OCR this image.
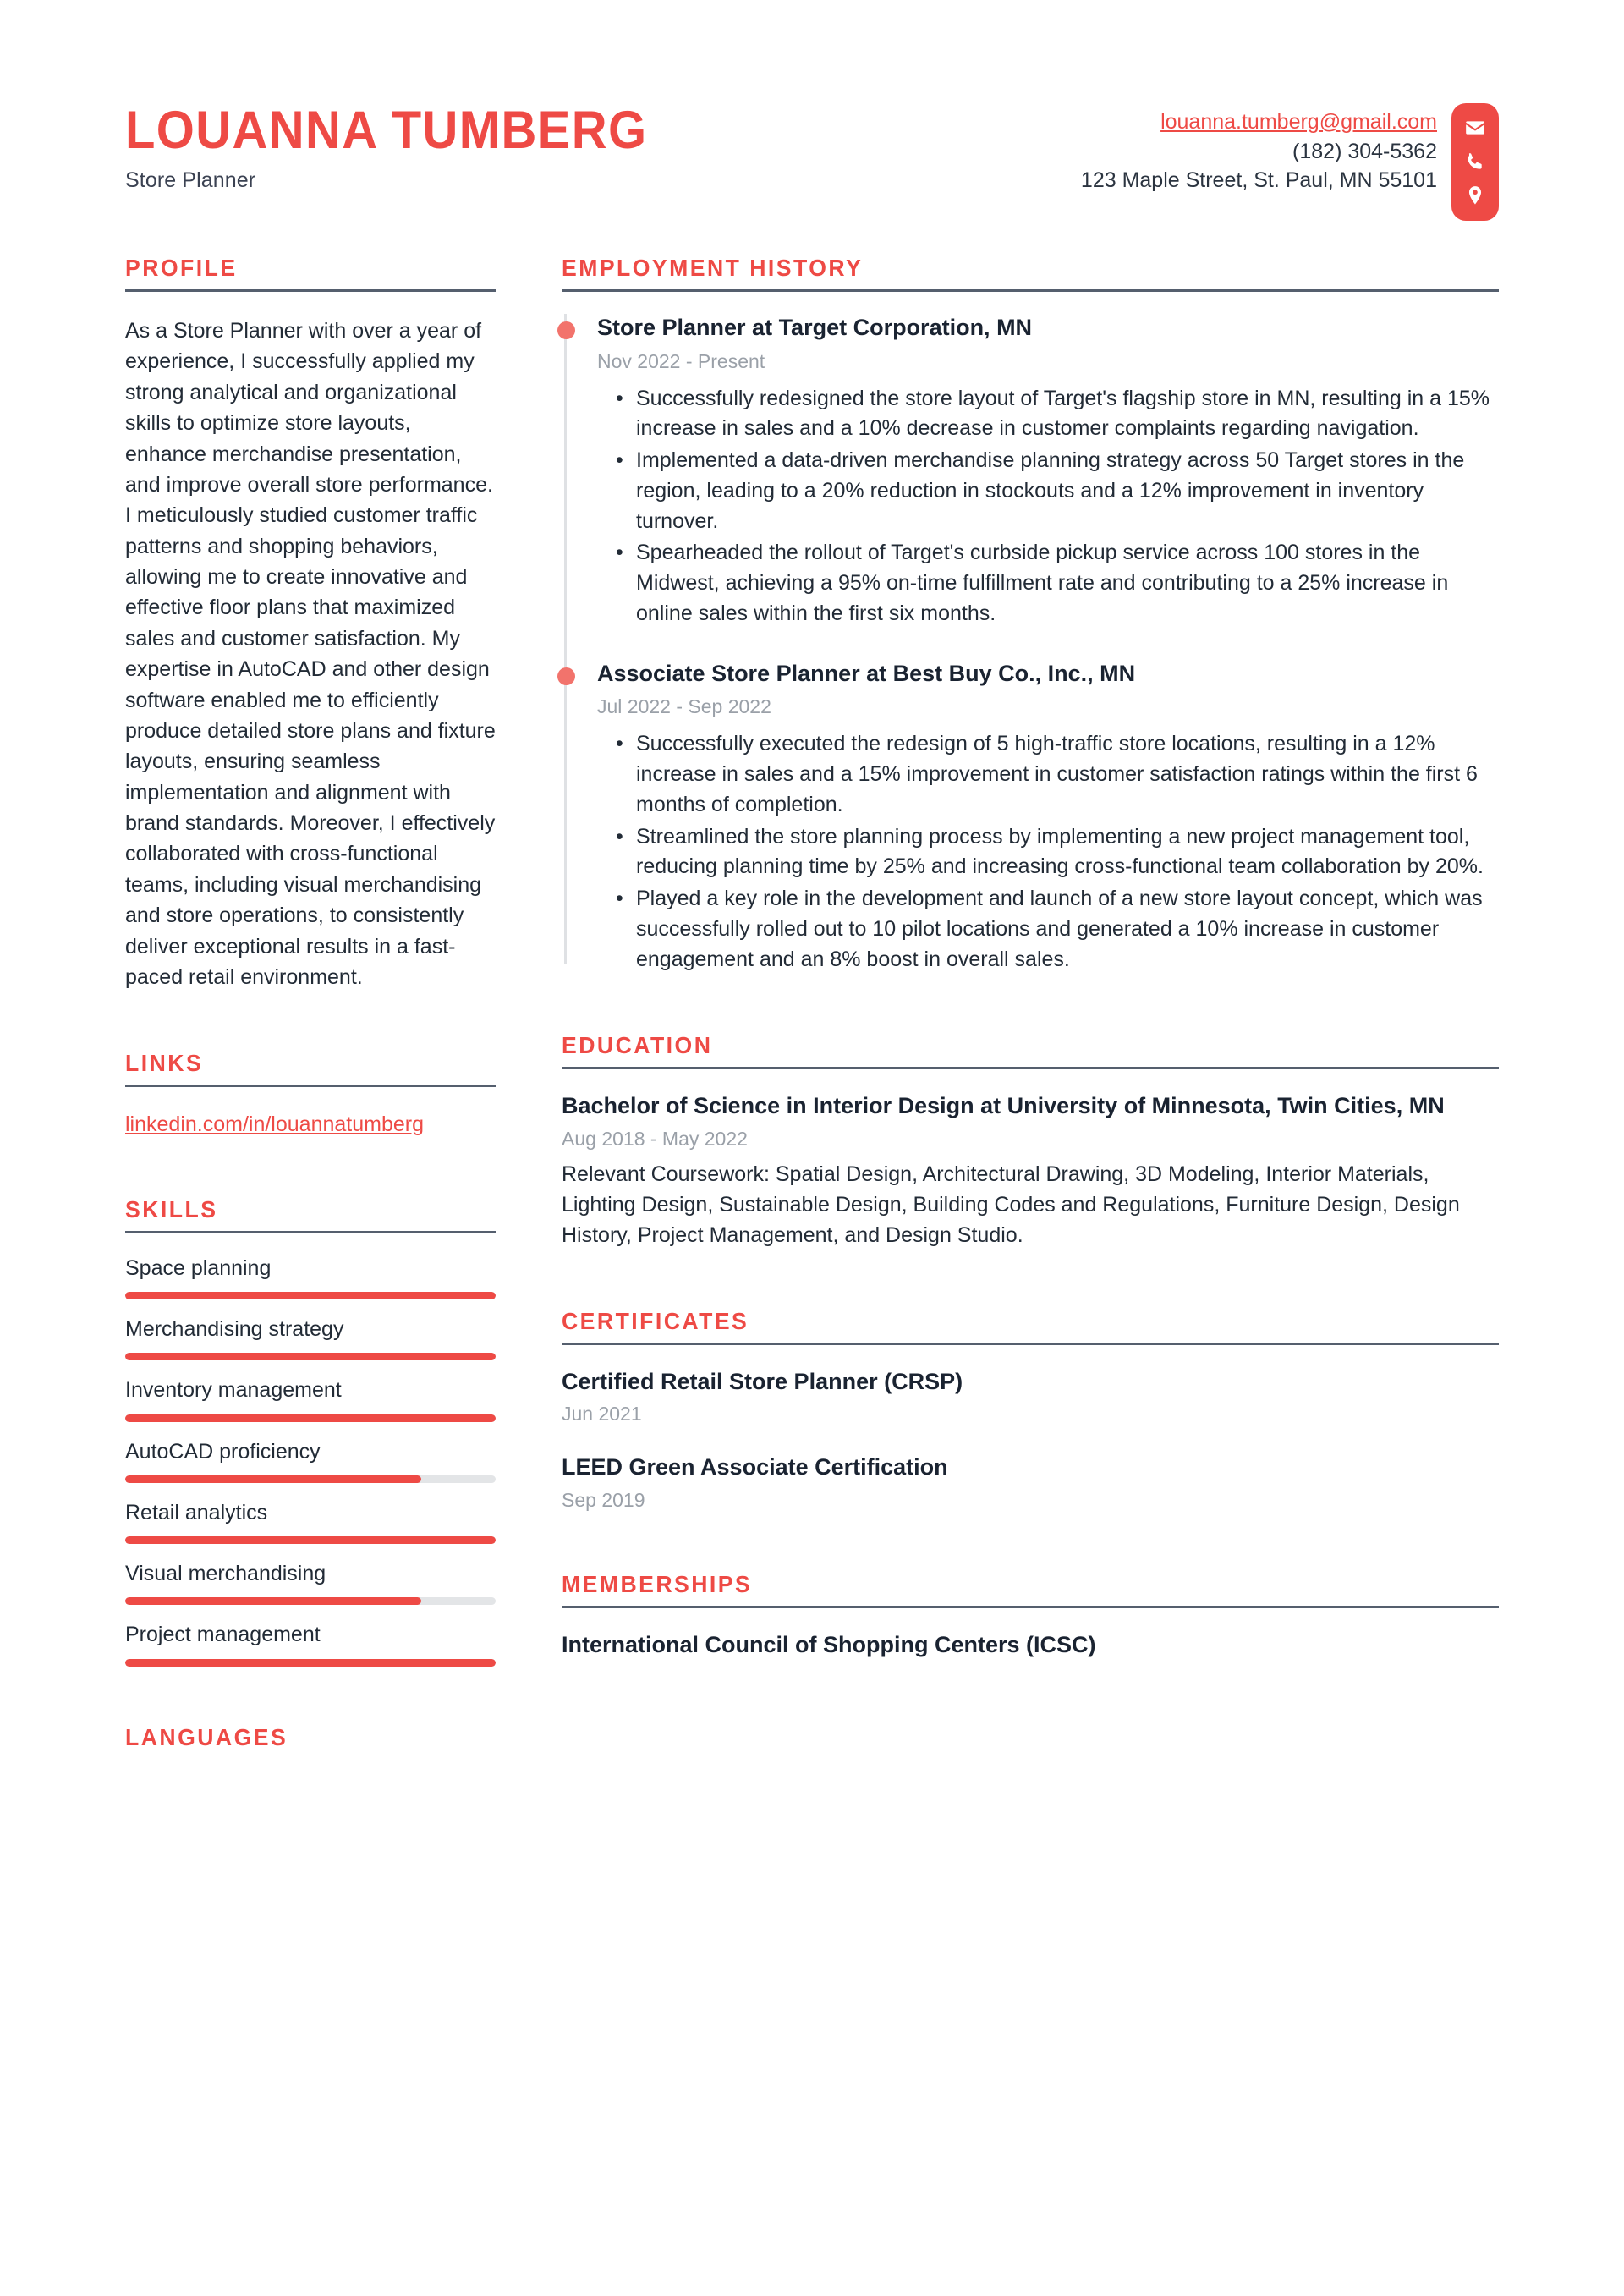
LOUANNA TUMBERG
Store Planner
louanna.tumberg@gmail.com
(182) 304-5362
123 Maple Street, St. Paul, MN 55101
PROFILE

As a Store Planner with over a year of experience, I successfully applied my strong analytical and organizational skills to optimize store layouts, enhance merchandise presentation, and improve overall store performance. I meticulously studied customer traffic patterns and shopping behaviors, allowing me to create innovative and effective floor plans that maximized sales and customer satisfaction. My expertise in AutoCAD and other design software enabled me to efficiently produce detailed store plans and fixture layouts, ensuring seamless implementation and alignment with brand standards. Moreover, I effectively collaborated with cross-functional teams, including visual merchandising and store operations, to consistently deliver exceptional results in a fast-paced retail environment.

LINKS
linkedin.com/in/louannatumberg
SKILLS
Space planning
Merchandising strategy
Inventory management
AutoCAD proficiency
Retail analytics
Visual merchandising
Project management
LANGUAGES
EMPLOYMENT HISTORY
Store Planner at Target Corporation, MN
Nov 2022 - Present
• Successfully redesigned the store layout of Target's flagship store in MN, resulting in a 15% increase in sales and a 10% decrease in customer complaints regarding navigation.
• Implemented a data-driven merchandise planning strategy across 50 Target stores in the region, leading to a 20% reduction in stockouts and a 12% improvement in inventory turnover.
• Spearheaded the rollout of Target's curbside pickup service across 100 stores in the Midwest, achieving a 95% on-time fulfillment rate and contributing to a 25% increase in online sales within the first six months.
Associate Store Planner at Best Buy Co., Inc., MN
Jul 2022 - Sep 2022
• Successfully executed the redesign of 5 high-traffic store locations, resulting in a 12% increase in sales and a 15% improvement in customer satisfaction ratings within the first 6 months of completion.
• Streamlined the store planning process by implementing a new project management tool, reducing planning time by 25% and increasing cross-functional team collaboration by 20%.
• Played a key role in the development and launch of a new store layout concept, which was successfully rolled out to 10 pilot locations and generated a 10% increase in customer engagement and an 8% boost in overall sales.
EDUCATION
Bachelor of Science in Interior Design at University of Minnesota, Twin Cities, MN
Aug 2018 - May 2022
Relevant Coursework: Spatial Design, Architectural Drawing, 3D Modeling, Interior Materials, Lighting Design, Sustainable Design, Building Codes and Regulations, Furniture Design, Design History, Project Management, and Design Studio.
CERTIFICATES
Certified Retail Store Planner (CRSP)
Jun 2021
LEED Green Associate Certification
Sep 2019
MEMBERSHIPS
International Council of Shopping Centers (ICSC)
